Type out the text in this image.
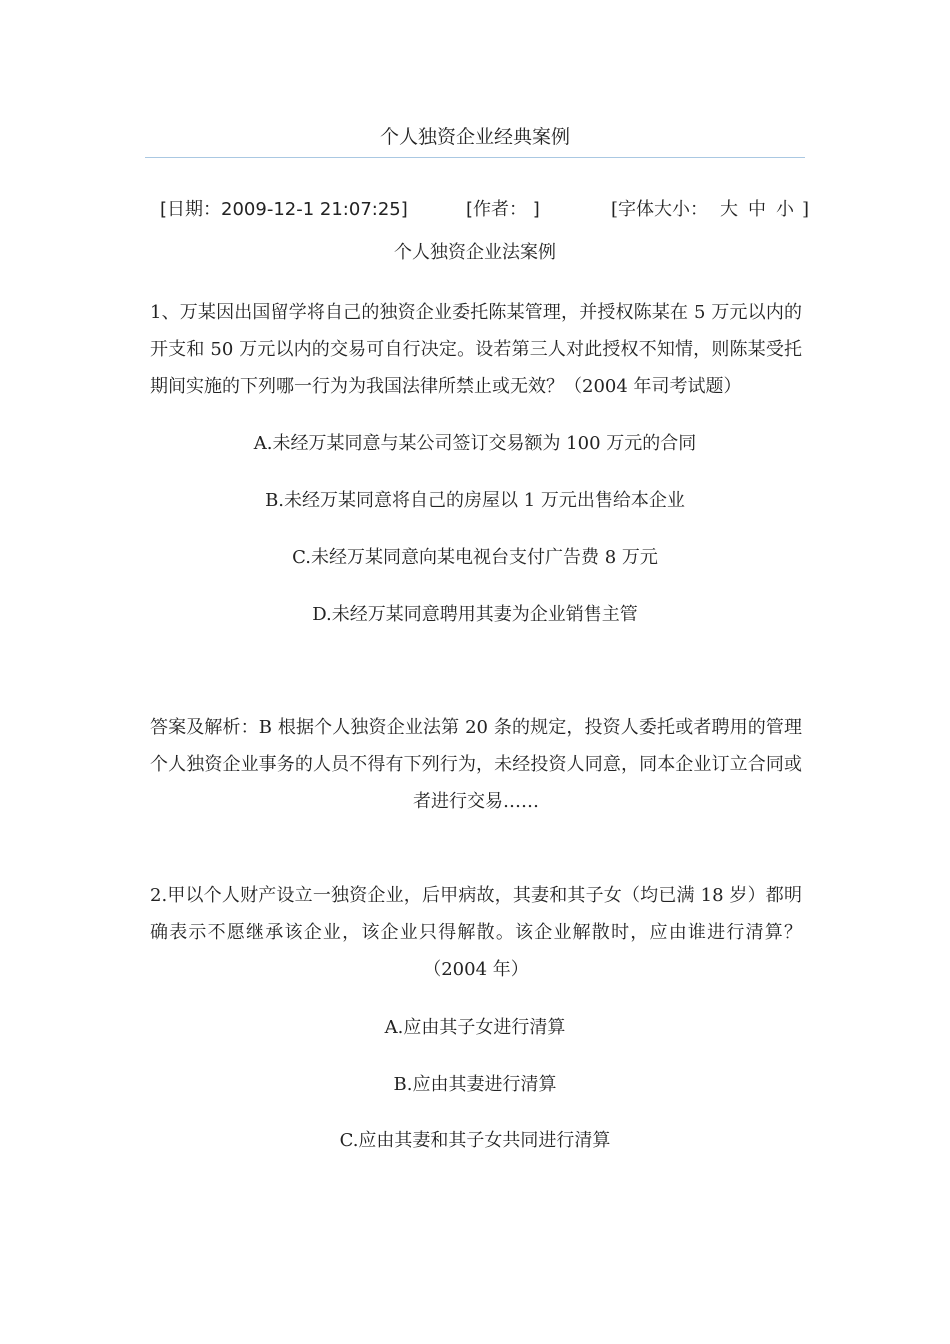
个人独资企业经典案例
[日期：2009-12-1 21:07:25]	[作者： ]	[字体大小： 大 中 小 ]
个人独资企业法案例
1、万某因出国留学将自己的独资企业委托陈某管理，并授权陈某在 5 万元以内的开支和 50 万元以内的交易可自行决定。设若第三人对此授权不知情，则陈某受托期间实施的下列哪一行为为我国法律所禁止或无效？（2004 年司考试题）
A.未经万某同意与某公司签订交易额为 100 万元的合同
B.未经万某同意将自己的房屋以 1 万元出售给本企业
C.未经万某同意向某电视台支付广告费 8 万元
D.未经万某同意聘用其妻为企业销售主管
答案及解析：B 根据个人独资企业法第 20 条的规定，投资人委托或者聘用的管理个人独资企业事务的人员不得有下列行为，未经投资人同意，同本企业订立合同或者进行交易……
2.甲以个人财产设立一独资企业，后甲病故，其妻和其子女（均已满 18 岁）都明确表示不愿继承该企业，该企业只得解散。该企业解散时，应由谁进行清算？（2004 年）
A.应由其子女进行清算
B.应由其妻进行清算
C.应由其妻和其子女共同进行清算
